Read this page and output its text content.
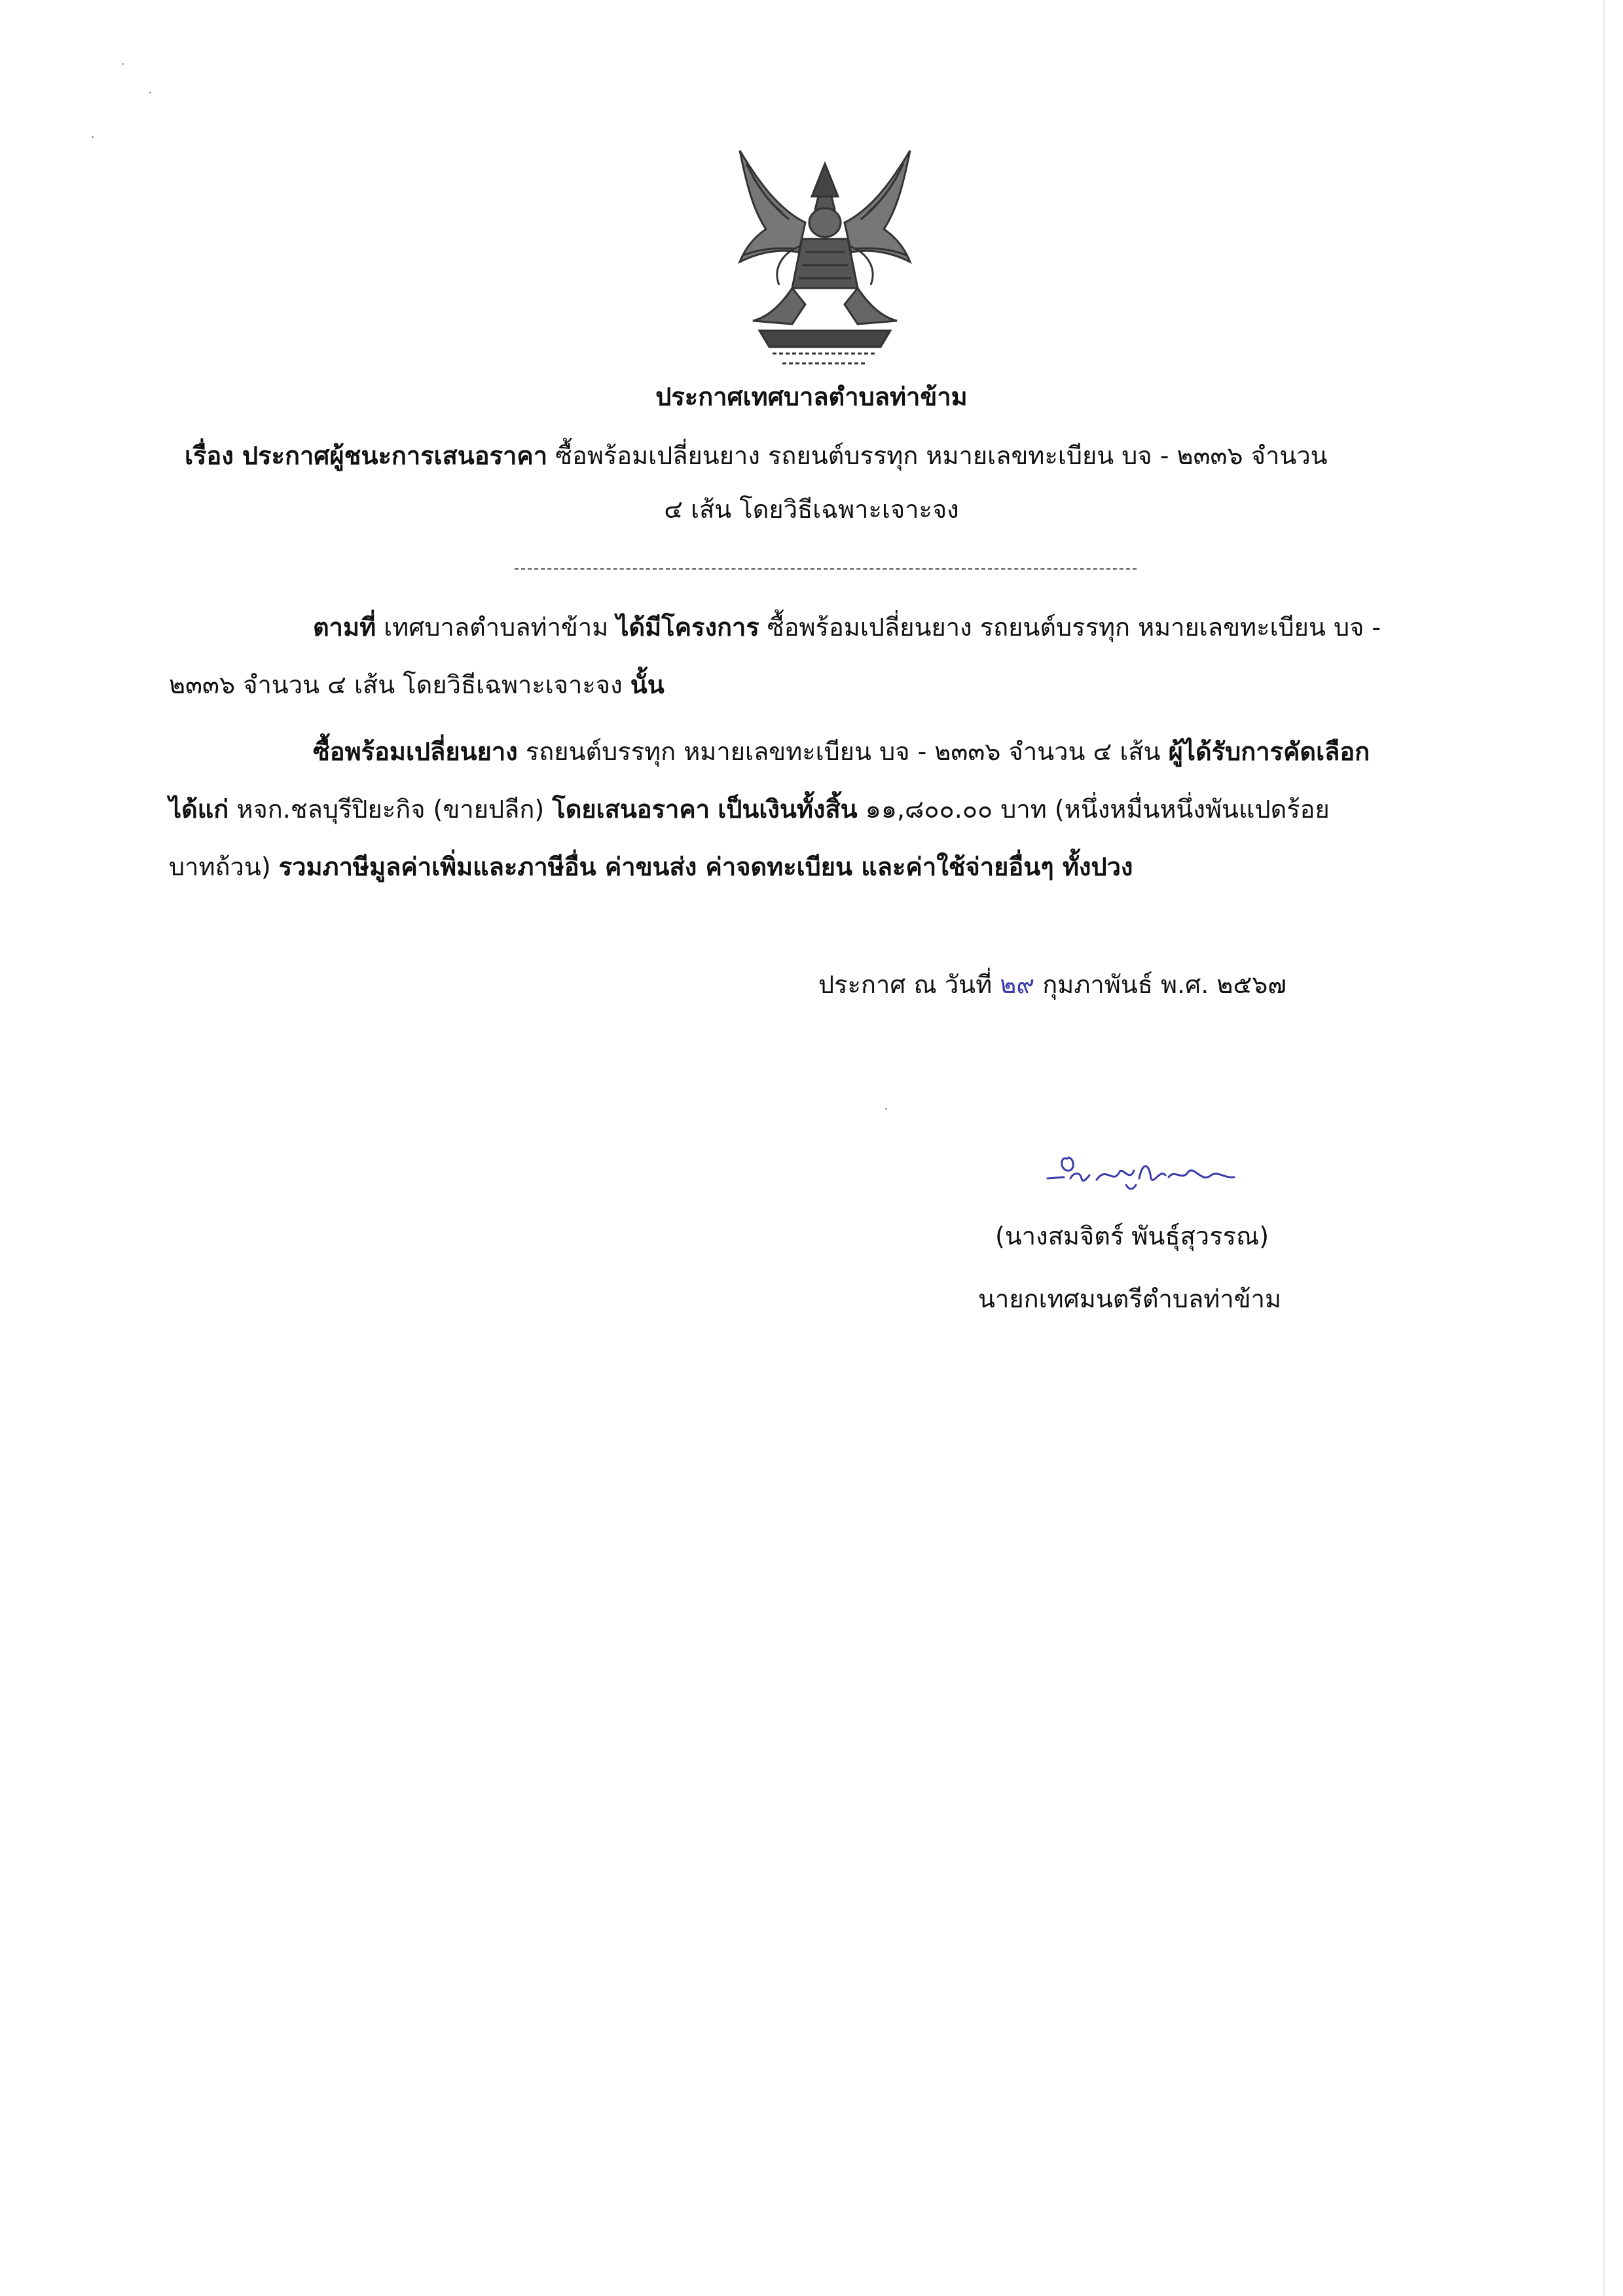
ประกาศเทศบาลตำบลท่าข้าม
เรื่อง ประกาศผู้ชนะการเสนอราคา ซื้อพร้อมเปลี่ยนยาง รถยนต์บรรทุก หมายเลขทะเบียน บจ - ๒๓๓๖ จำนวน
๔ เส้น โดยวิธีเฉพาะเจาะจง
ตามที่ เทศบาลตำบลท่าข้าม ได้มีโครงการ ซื้อพร้อมเปลี่ยนยาง รถยนต์บรรทุก หมายเลขทะเบียน บจ -
๒๓๓๖ จำนวน ๔ เส้น โดยวิธีเฉพาะเจาะจง นั้น
ซื้อพร้อมเปลี่ยนยาง รถยนต์บรรทุก หมายเลขทะเบียน บจ - ๒๓๓๖ จำนวน ๔ เส้น ผู้ได้รับการคัดเลือก
ได้แก่ หจก.ชลบุรีปิยะกิจ (ขายปลีก) โดยเสนอราคา เป็นเงินทั้งสิ้น ๑๑,๘๐๐.๐๐ บาท (หนึ่งหมื่นหนึ่งพันแปดร้อย
บาทถ้วน) รวมภาษีมูลค่าเพิ่มและภาษีอื่น ค่าขนส่ง ค่าจดทะเบียน และค่าใช้จ่ายอื่นๆ ทั้งปวง
ประกาศ ณ วันที่ ๒๙ กุมภาพันธ์ พ.ศ. ๒๕๖๗
(นางสมจิตร์ พันธุ์สุวรรณ)
นายกเทศมนตรีตำบลท่าข้าม
